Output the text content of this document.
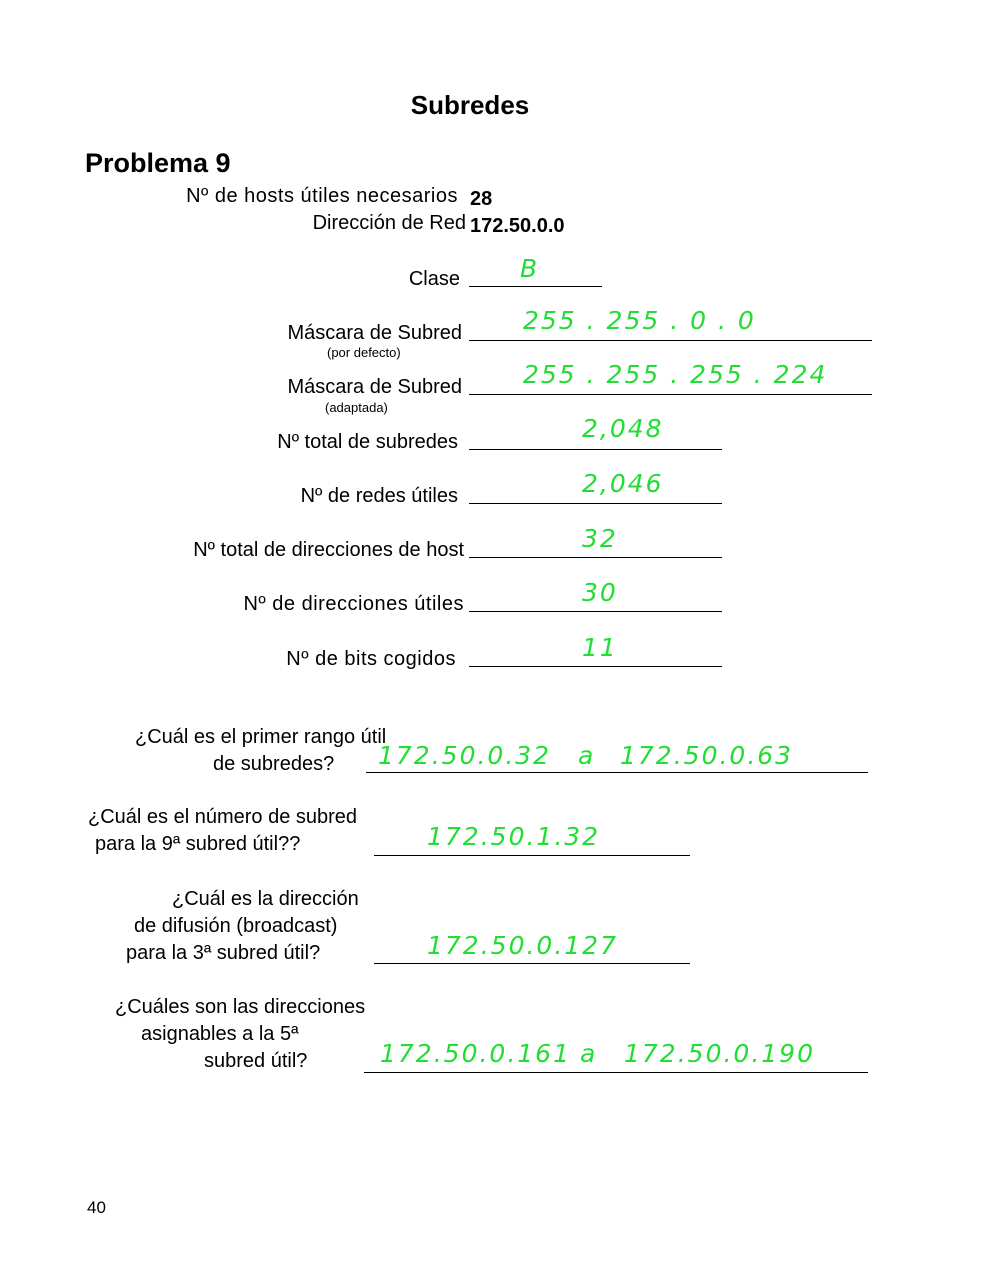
Subredes
Problema 9
Nº de hosts útiles necesarios 28
Dirección de Red 172.50.0.0
Clase B
Máscara de Subred
(por defecto)
255 . 255 . 0 . 0
Máscara de Subred
(adaptada)
255 . 255 . 255 . 224
Nº total de subredes	2,048
Nº de redes útiles	2,046
Nº total de direcciones de host	32
Nº de direcciones útiles	30
Nº de bits cogidos	11
¿Cuál es el primer rango útil
de subredes? 172.50.0.32 a 172.50.0.63
¿Cuál es el número de subred
para la 9ª subred útil??	172.50.1.32
¿Cuál es la dirección
de difusión (broadcast)
para la 3ª subred útil?	172.50.0.127
¿Cuáles son las direcciones
asignables a la 5ª
subred útil?	172.50.0.161 a 172.50.0.190
40
